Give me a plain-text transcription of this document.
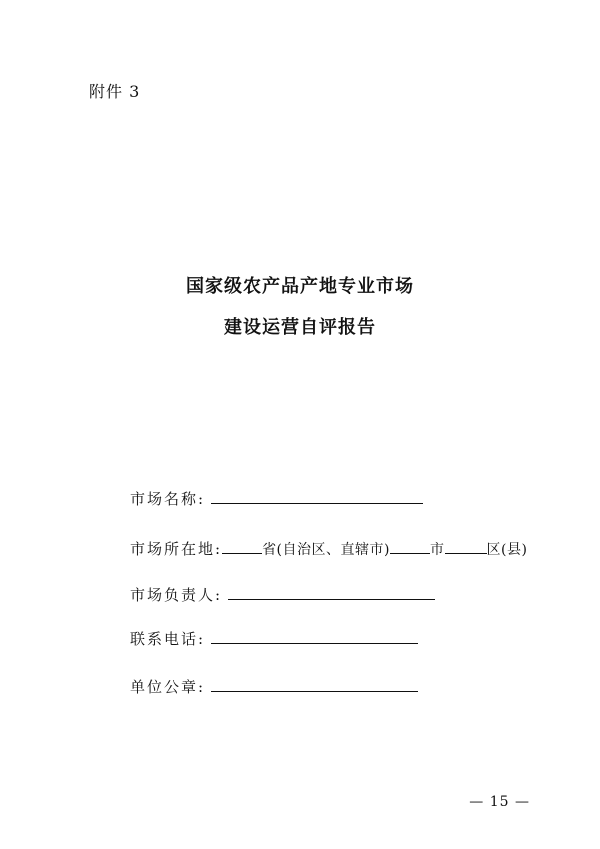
附件 3
国家级农产品产地专业市场
建设运营自评报告
市场名称:
市场所在地:	省(自治区、直辖市)	市	区(县)
市场负责人:
联系电话:
单位公章:
— 15 —
